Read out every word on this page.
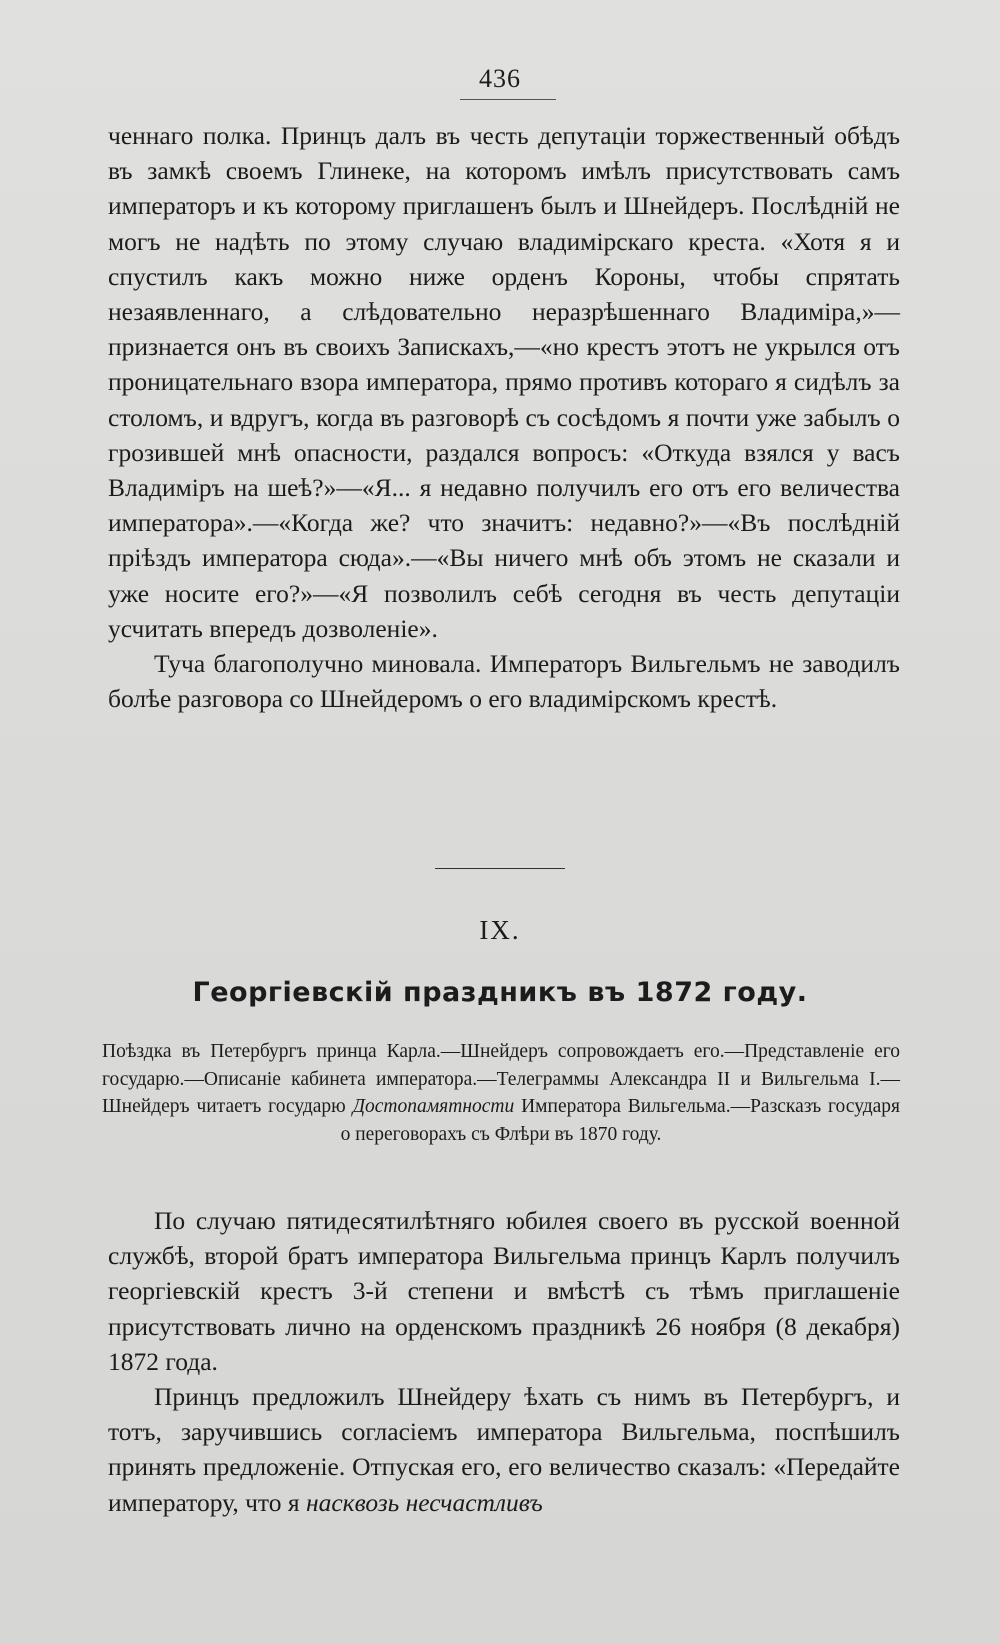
436

ченнаго полка. Принцъ далъ въ честь депутаціи торжественный обѣдъ въ замкѣ своемъ Глинеке, на которомъ имѣлъ присутствовать самъ императоръ и къ которому приглашенъ былъ и Шнейдеръ. Послѣдній не могъ не надѣть по этому случаю владимірскаго креста. «Хотя я и спустилъ какъ можно ниже орденъ Короны, чтобы спрятать незаявленнаго, а слѣдовательно неразрѣшеннаго Владиміра,»—признается онъ въ своихъ Запискахъ,—«но крестъ этотъ не укрылся отъ проницательнаго взора императора, прямо противъ котораго я сидѣлъ за столомъ, и вдругъ, когда въ разговорѣ съ сосѣдомъ я почти уже забылъ о грозившей мнѣ опасности, раздался вопросъ: «Откуда взялся у васъ Владиміръ на шеѣ?»—«Я... я недавно получилъ его отъ его величества императора».—«Когда же? что значитъ: недавно?»—«Въ послѣдній пріѣздъ императора сюда».—«Вы ничего мнѣ объ этомъ не сказали и уже носите его?»—«Я позволилъ себѣ сегодня въ честь депутаціи усчитать впередъ дозволеніе».

Туча благополучно миновала. Императоръ Вильгельмъ не заводилъ болѣе разговора со Шнейдеромъ о его владимірскомъ крестѣ.

IX.
Георгіевскій праздникъ въ 1872 году.

Поѣздка въ Петербургъ принца Карла.—Шнейдеръ сопровождаетъ его.—Представленіе его государю.—Описаніе кабинета императора.—Телеграммы Александра II и Вильгельма I.—Шнейдеръ читаетъ государю Достопамятности Императора Вильгельма.—Разсказъ государя о переговорахъ съ Флѣри въ 1870 году.

По случаю пятидесятилѣтняго юбилея своего въ русской военной службѣ, второй братъ императора Вильгельма принцъ Карлъ получилъ георгіевскій крестъ 3-й степени и вмѣстѣ съ тѣмъ приглашеніе присутствовать лично на орденскомъ праздникѣ 26 ноября (8 декабря) 1872 года.

Принцъ предложилъ Шнейдеру ѣхать съ нимъ въ Петербургъ, и тотъ, заручившись согласіемъ императора Вильгельма, поспѣшилъ принять предложеніе. Отпуская его, его величество сказалъ: «Передайте императору, что я насквозь несчастливъ
